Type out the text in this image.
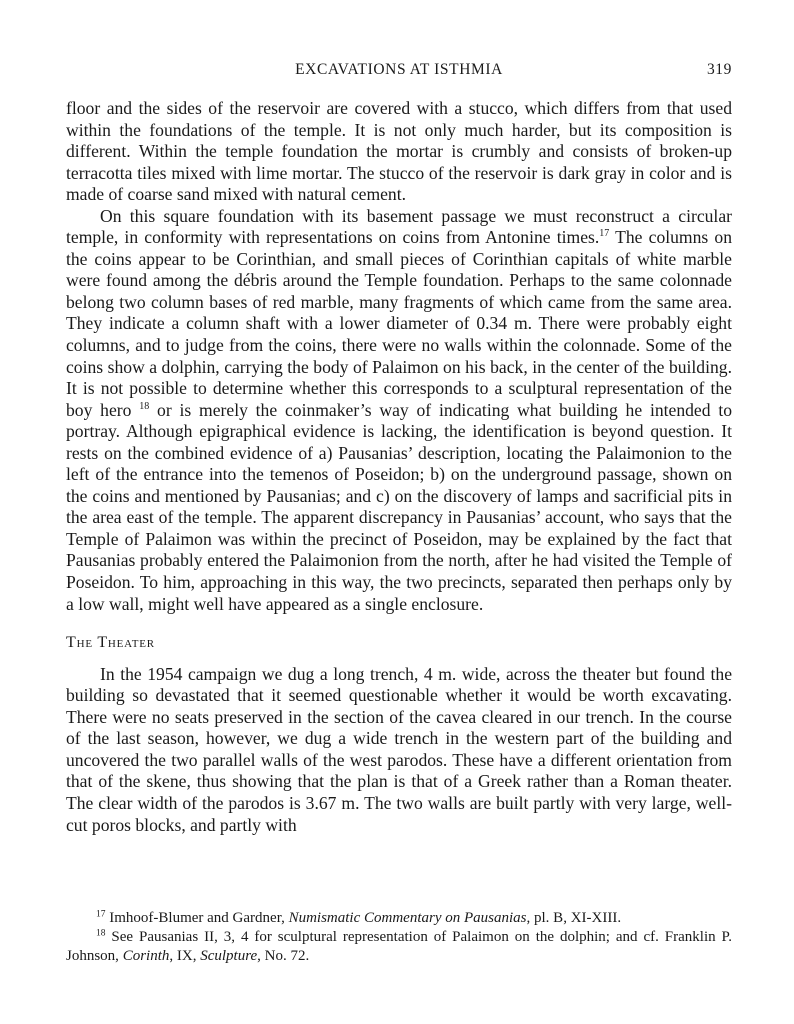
EXCAVATIONS AT ISTHMIA	319

floor and the sides of the reservoir are covered with a stucco, which differs from that used within the foundations of the temple. It is not only much harder, but its composition is different. Within the temple foundation the mortar is crumbly and consists of broken-up terracotta tiles mixed with lime mortar. The stucco of the reservoir is dark gray in color and is made of coarse sand mixed with natural cement.

On this square foundation with its basement passage we must reconstruct a circular temple, in conformity with representations on coins from Antonine times.$^{17}$ The columns on the coins appear to be Corinthian, and small pieces of Corinthian capitals of white marble were found among the débris around the Temple foundation. Perhaps to the same colonnade belong two column bases of red marble, many fragments of which came from the same area. They indicate a column shaft with a lower diameter of 0.34 m. There were probably eight columns, and to judge from the coins, there were no walls within the colonnade. Some of the coins show a dolphin, carrying the body of Palaimon on his back, in the center of the building. It is not possible to determine whether this corresponds to a sculptural representation of the boy hero $^{18}$ or is merely the coinmaker’s way of indicating what building he intended to portray. Although epigraphical evidence is lacking, the identification is beyond question. It rests on the combined evidence of a) Pausanias’ description, locating the Palaimonion to the left of the entrance into the temenos of Poseidon; b) on the underground passage, shown on the coins and mentioned by Pausanias; and c) on the discovery of lamps and sacrificial pits in the area east of the temple. The apparent discrepancy in Pausanias’ account, who says that the Temple of Palaimon was within the precinct of Poseidon, may be explained by the fact that Pausanias probably entered the Palaimonion from the north, after he had visited the Temple of Poseidon. To him, approaching in this way, the two precincts, separated then perhaps only by a low wall, might well have appeared as a single enclosure.

The Theater

In the 1954 campaign we dug a long trench, 4 m. wide, across the theater but found the building so devastated that it seemed questionable whether it would be worth excavating. There were no seats preserved in the section of the cavea cleared in our trench. In the course of the last season, however, we dug a wide trench in the western part of the building and uncovered the two parallel walls of the west parodos. These have a different orientation from that of the skene, thus showing that the plan is that of a Greek rather than a Roman theater. The clear width of the parodos is 3.67 m. The two walls are built partly with very large, well-cut poros blocks, and partly with

$^{17}$ Imhoof-Blumer and Gardner, Numismatic Commentary on Pausanias, pl. B, XI-XIII.

$^{18}$ See Pausanias II, 3, 4 for sculptural representation of Palaimon on the dolphin; and cf. Franklin P. Johnson, Corinth, IX, Sculpture, No. 72.
